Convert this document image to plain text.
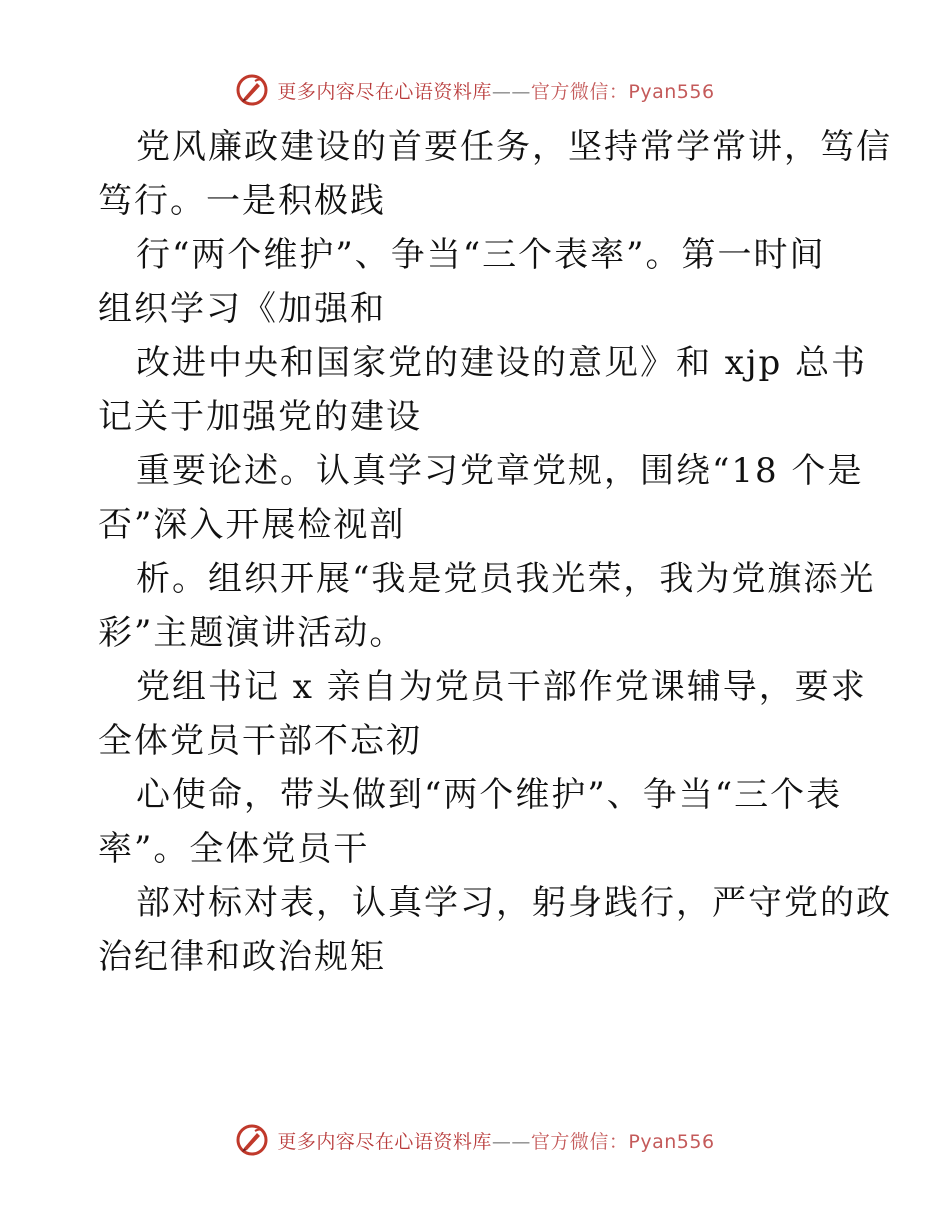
更多内容尽在心语资料库——官方微信：Pyan556
党风廉政建设的首要任务，坚持常学常讲，笃信
笃行。一是积极践
行“两个维护”、争当“三个表率”。第一时间
组织学习《加强和
改进中央和国家党的建设的意见》和 xjp 总书
记关于加强党的建设
重要论述。认真学习党章党规，围绕“18 个是
否”深入开展检视剖
析。组织开展“我是党员我光荣，我为党旗添光
彩”主题演讲活动。
党组书记 x 亲自为党员干部作党课辅导，要求
全体党员干部不忘初
心使命，带头做到“两个维护”、争当“三个表
率”。全体党员干
部对标对表，认真学习，躬身践行，严守党的政
治纪律和政治规矩
更多内容尽在心语资料库——官方微信：Pyan556
